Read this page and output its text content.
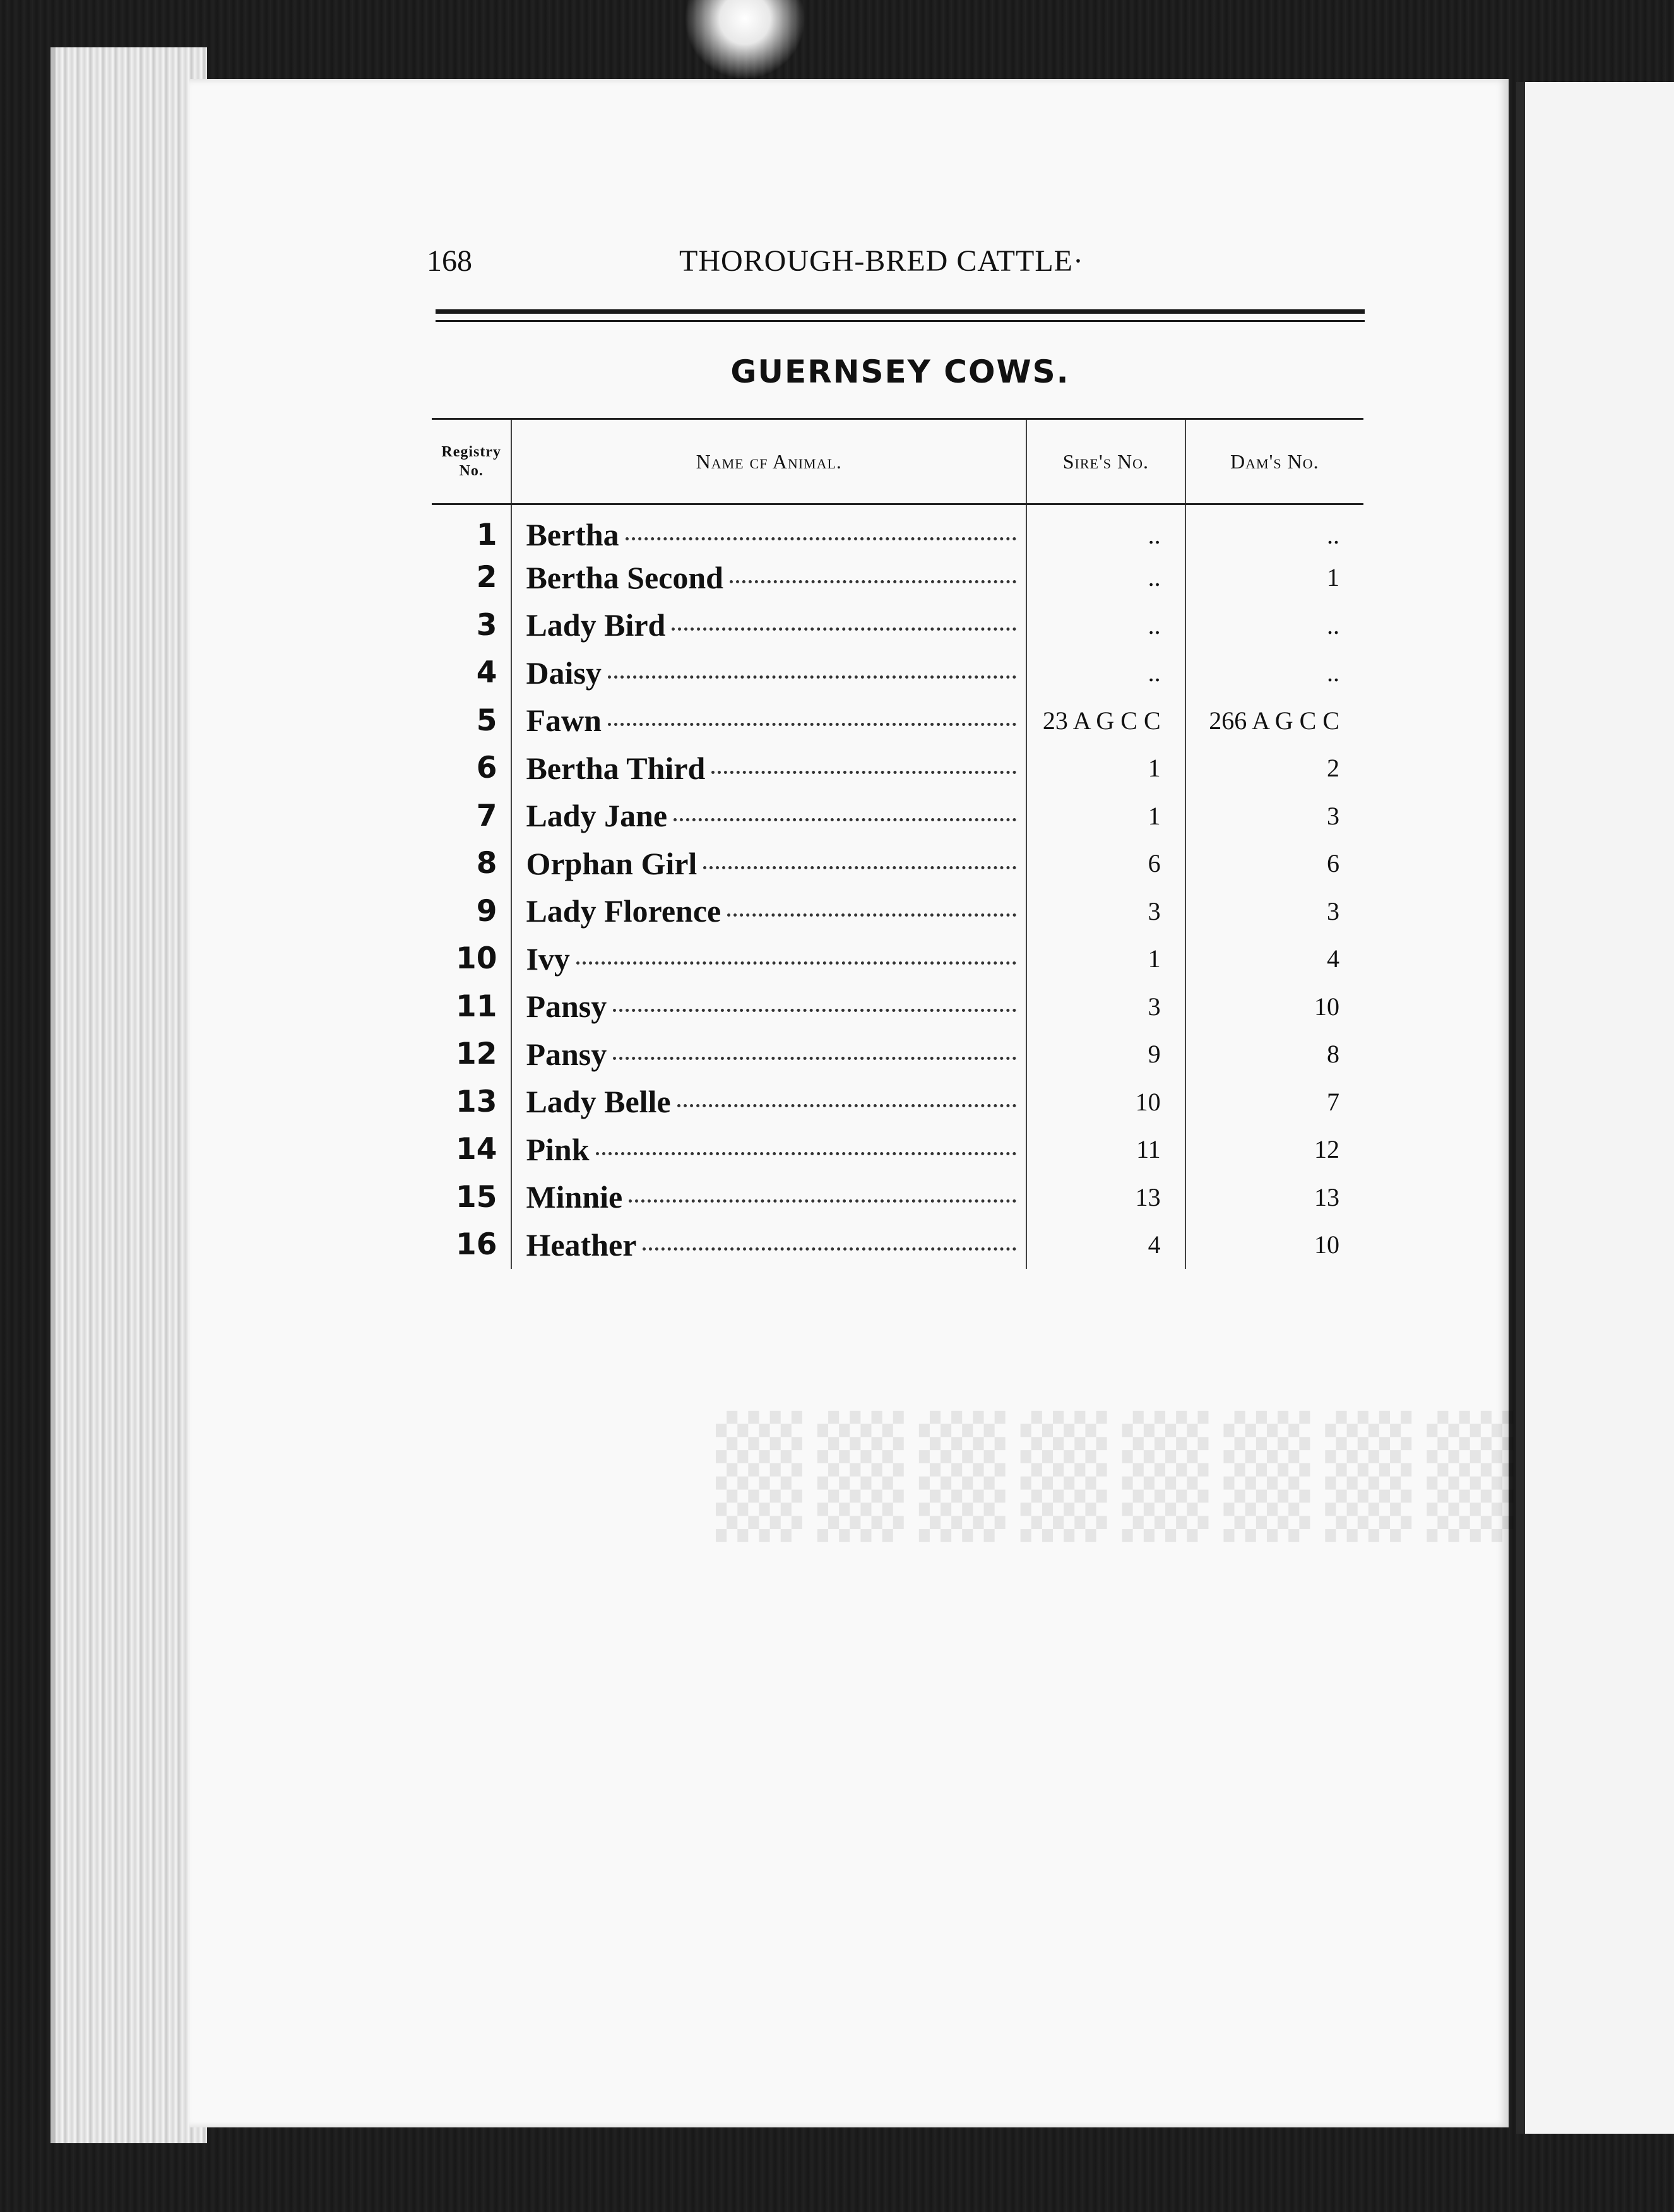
▒▒▒▒▒▒▒▒
168	THOROUGH-BRED CATTLE·
GUERNSEY COWS.
Registry
No.	Name cf Animal.	Sire's No.	Dam's No.
1	Bertha	..	..
2	Bertha Second	..	1
3	Lady Bird	..	..
4	Daisy	..	..
5	Fawn	23 A G C C	266 A G C C
6	Bertha Third	1	2
7	Lady Jane	1	3
8	Orphan Girl	6	6
9	Lady Florence	3	3
10	Ivy	1	4
11	Pansy	3	10
12	Pansy	9	8
13	Lady Belle	10	7
14	Pink	11	12
15	Minnie	13	13
16	Heather	4	10
